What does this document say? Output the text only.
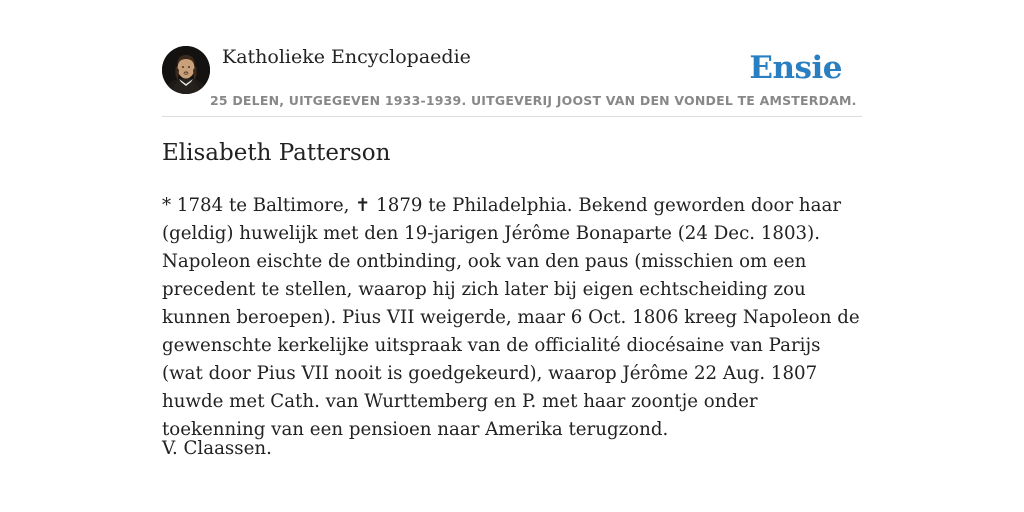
Katholieke Encyclopaedie	Ensie
25 DELEN, UITGEGEVEN 1933-1939. UITGEVERIJ JOOST VAN DEN VONDEL TE AMSTERDAM.
Elisabeth Patterson

* 1784 te Baltimore, ✝ 1879 te Philadelphia. Bekend geworden door haar (geldig) huwelijk met den 19-jarigen Jérôme Bonaparte (24 Dec. 1803). Napoleon eischte de ontbinding, ook van den paus (misschien om een precedent te stellen, waarop hij zich later bij eigen echtscheiding zou kunnen beroepen). Pius VII weigerde, maar 6 Oct. 1806 kreeg Napoleon de gewenschte kerkelijke uitspraak van de officialité diocésaine van Parijs (wat door Pius VII nooit is goedgekeurd), waarop Jérôme 22 Aug. 1807 huwde met Cath. van Wurttemberg en P. met haar zoontje onder toekenning van een pensioen naar Amerika terugzond.

V. Claassen.
